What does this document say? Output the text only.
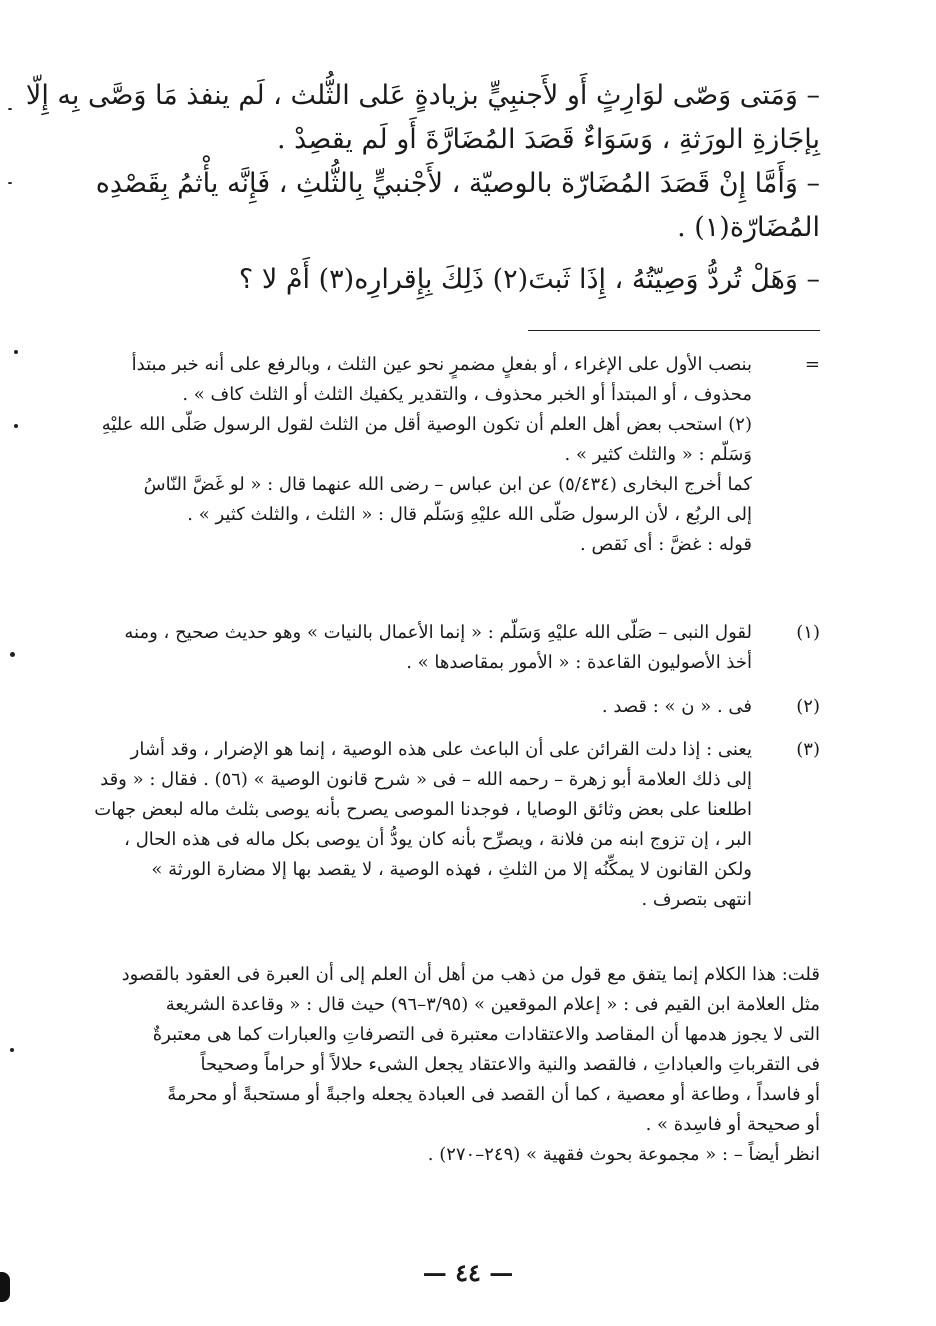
– وَمَتى وَصّى لوَارِثٍ أَو لأَجنبِيٍّ بزيادةٍ عَلى الثُّلث ، لَم ينفذ مَا وَصَّى بِه إِلّا
بِإجَازةِ الورَثةِ ، وَسَوَاءٌ قَصَدَ المُضَارَّةَ أَو لَم يقصِدْ .
– وَأَمَّا إِنْ قَصَدَ المُضَارّة بالوصيّة ، لأَجْنبيٍّ بِالثُّلثِ ، فَإِنَّه يأْثمُ بِقَصْدِه
المُضَارّة(١) .
– وَهَلْ تُردُّ وَصِيّتُهُ ، إِذَا ثَبتَ(٢) ذَلِكَ بِإِقرارِه(٣) أَمْ لا ؟
=
بنصب الأول على الإغراء ، أو بفعلٍ مضمرٍ نحو عين الثلث ، وبالرفع على أنه خبر مبتدأ
محذوف ، أو المبتدأ أو الخبر محذوف ، والتقدير يكفيك الثلث أو الثلث كاف » .
(٢) استحب بعض أهل العلم أن تكون الوصية أقل من الثلث لقول الرسول صَلّى الله عليْهِ
وَسَلّم : « والثلث كثير » .
كما أخرج البخارى (٥/٤٣٤) عن ابن عباس – رضى الله عنهما قال : « لو غَضَّ النّاسُ
إلى الربُع ، لأن الرسول صَلّى الله عليْهِ وَسَلّم قال : « الثلث ، والثلث كثير » .
قوله : غضَّ : أى نَقص .
(١)
لقول النبى – صَلّى الله عليْهِ وَسَلّم : « إنما الأعمال بالنيات » وهو حديث صحيح ، ومنه
أخذ الأصوليون القاعدة : « الأمور بمقاصدها » .
(٢)
فى . « ن » : قصد .
(٣)
يعنى : إذا دلت القرائن على أن الباعث على هذه الوصية ، إنما هو الإضرار ، وقد أشار
إلى ذلك العلامة أبو زهرة – رحمه الله – فى « شرح قانون الوصية » (٥٦) . فقال : « وقد
اطلعنا على بعض وثائق الوصايا ، فوجدنا الموصى يصرح بأنه يوصى بثلث ماله لبعض جهات
البر ، إن تزوج ابنه من فلانة ، ويصرِّح بأنه كان يودُّ أن يوصى بكل ماله فى هذه الحال ،
ولكن القانون لا يمكِّنُه إلا من الثلثِ ، فهذه الوصية ، لا يقصد بها إلا مضارة الورثة »
انتهى بتصرف .
قلت: هذا الكلام إنما يتفق مع قول من ذهب من أهل أن العلم إلى أن العبرة فى العقود بالقصود
مثل العلامة ابن القيم فى : « إعلام الموقعين » (٣/٩٥–٩٦) حيث قال : « وقاعدة الشريعة
التى لا يجوز هدمها أن المقاصد والاعتقادات معتبرة فى التصرفاتِ والعبارات كما هى معتبرةٌ
فى التقرباتِ والعباداتِ ، فالقصد والنية والاعتقاد يجعل الشىء حلالاً أو حراماً وصحيحاً
أو فاسداً ، وطاعة أو معصية ، كما أن القصد فى العبادة يجعله واجبةً أو مستحبةً أو محرمةً
أو صحيحة أو فاسِدة » .
انظر أيضاً – : « مجموعة بحوث فقهية » (٢٤٩–٢٧٠) .
— ٤٤ —
